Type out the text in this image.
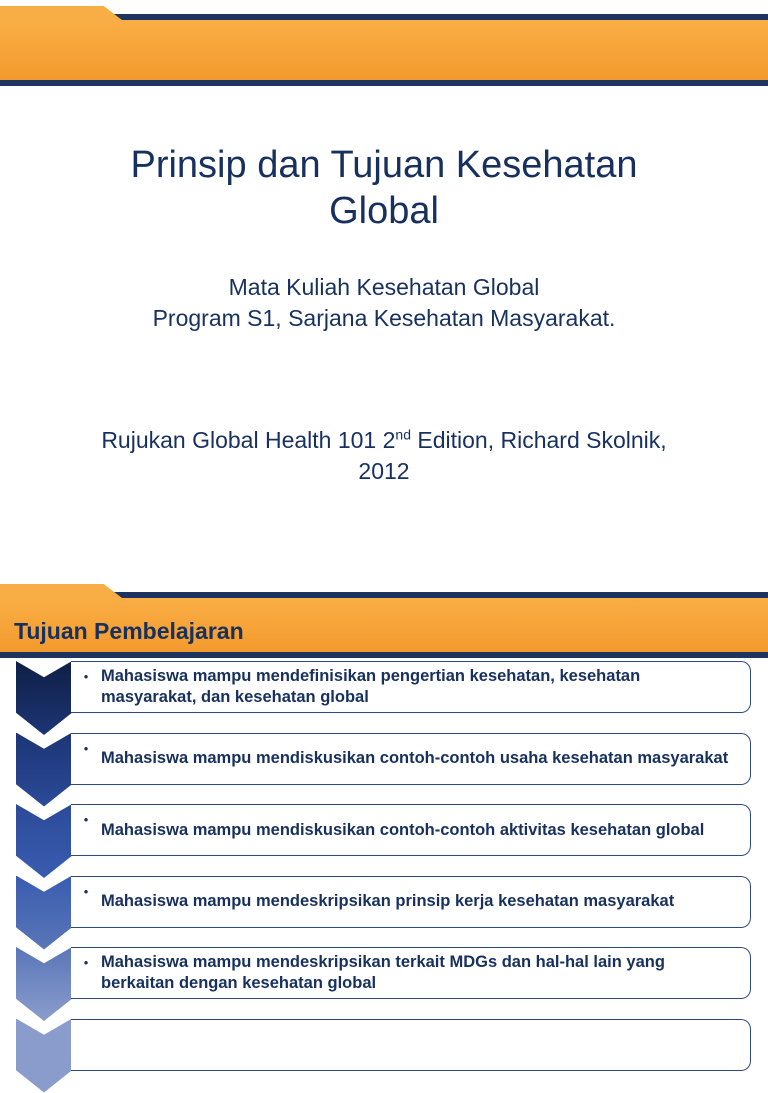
Prinsip dan Tujuan Kesehatan
Global
Mata Kuliah Kesehatan Global
Program S1, Sarjana Kesehatan Masyarakat.
Rujukan Global Health 101 2nd Edition, Richard Skolnik,
2012
Tujuan Pembelajaran
• Mahasiswa mampu mendefinisikan pengertian kesehatan, kesehatan masyarakat, dan kesehatan global
•
Mahasiswa mampu mendiskusikan contoh-contoh usaha kesehatan masyarakat
•
Mahasiswa mampu mendiskusikan contoh-contoh aktivitas kesehatan global
•
Mahasiswa mampu mendeskripsikan prinsip kerja kesehatan masyarakat
• Mahasiswa mampu mendeskripsikan terkait MDGs dan hal-hal lain yang berkaitan dengan kesehatan global
